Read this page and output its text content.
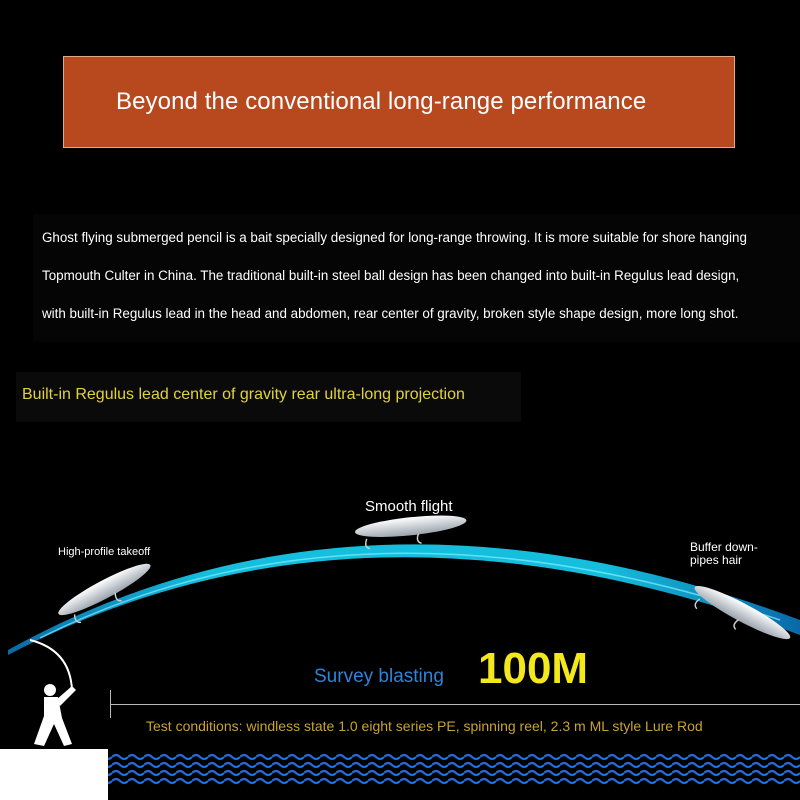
Beyond the conventional long-range performance
Ghost flying submerged pencil is a bait specially designed for long-range throwing. It is more suitable for shore hanging
Topmouth Culter in China. The traditional built-in steel ball design has been changed into built-in Regulus lead design,
with built-in Regulus lead in the head and abdomen, rear center of gravity, broken style shape design, more long shot.
Built-in Regulus lead center of gravity rear ultra-long projection
High-profile takeoff
Smooth flight
Buffer down-
pipes hair
Survey blasting 100M
Test conditions: windless state 1.0 eight series PE, spinning reel, 2.3 m ML style Lure Rod
